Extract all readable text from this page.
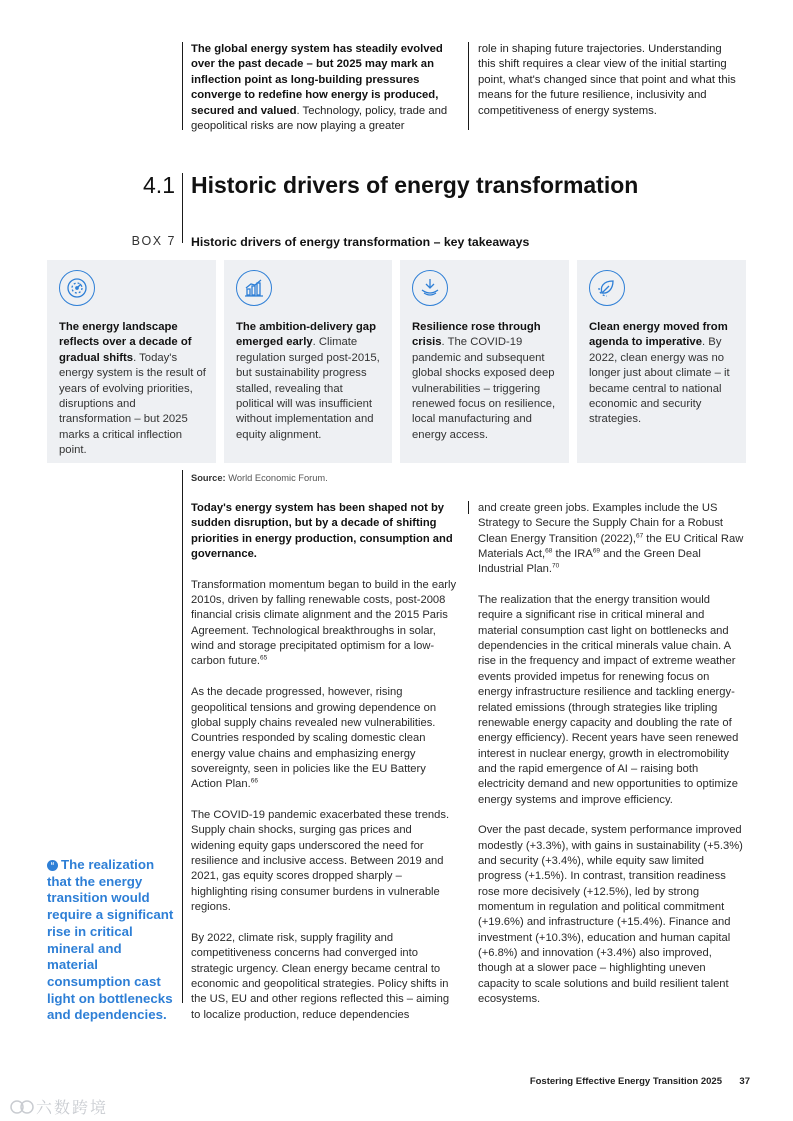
The global energy system has steadily evolved over the past decade – but 2025 may mark an inflection point as long-building pressures converge to redefine how energy is produced, secured and valued. Technology, policy, trade and geopolitical risks are now playing a greater
role in shaping future trajectories. Understanding this shift requires a clear view of the initial starting point, what's changed since that point and what this means for the future resilience, inclusivity and competitiveness of energy systems.
4.1 Historic drivers of energy transformation
BOX 7 Historic drivers of energy transformation – key takeaways
The energy landscape reflects over a decade of gradual shifts. Today's energy system is the result of years of evolving priorities, disruptions and transformation – but 2025 marks a critical inflection point.
The ambition-delivery gap emerged early. Climate regulation surged post-2015, but sustainability progress stalled, revealing that political will was insufficient without implementation and equity alignment.
Resilience rose through crisis. The COVID-19 pandemic and subsequent global shocks exposed deep vulnerabilities – triggering renewed focus on resilience, local manufacturing and energy access.
Clean energy moved from agenda to imperative. By 2022, clean energy was no longer just about climate – it became central to national economic and security strategies.
Source: World Economic Forum.

Today's energy system has been shaped not by sudden disruption, but by a decade of shifting priorities in energy production, consumption and governance.

Transformation momentum began to build in the early 2010s, driven by falling renewable costs, post-2008 financial crisis climate alignment and the 2015 Paris Agreement. Technological breakthroughs in solar, wind and storage precipitated optimism for a low-carbon future.$^{65}$

As the decade progressed, however, rising geopolitical tensions and growing dependence on global supply chains revealed new vulnerabilities. Countries responded by scaling domestic clean energy value chains and emphasizing energy sovereignty, seen in policies like the EU Battery Action Plan.$^{66}$

The COVID-19 pandemic exacerbated these trends. Supply chain shocks, surging gas prices and widening equity gaps underscored the need for resilience and inclusive access. Between 2019 and 2021, gas equity scores dropped sharply – highlighting rising consumer burdens in vulnerable regions.

By 2022, climate risk, supply fragility and competitiveness concerns had converged into strategic urgency. Clean energy became central to economic and geopolitical strategies. Policy shifts in the US, EU and other regions reflected this – aiming to localize production, reduce dependencies

and create green jobs. Examples include the US Strategy to Secure the Supply Chain for a Robust Clean Energy Transition (2022),$^{67}$ the EU Critical Raw Materials Act,$^{68}$ the IRA$^{69}$ and the Green Deal Industrial Plan.$^{70}$

The realization that the energy transition would require a significant rise in critical mineral and material consumption cast light on bottlenecks and dependencies in the critical minerals value chain. A rise in the frequency and impact of extreme weather events provided impetus for renewing focus on energy infrastructure resilience and tackling energy-related emissions (through strategies like tripling renewable energy capacity and doubling the rate of energy efficiency). Recent years have seen renewed interest in nuclear energy, growth in electromobility and the rapid emergence of AI – raising both electricity demand and new opportunities to optimize energy systems and improve efficiency.

Over the past decade, system performance improved modestly (+3.3%), with gains in sustainability (+5.3%) and security (+3.4%), while equity saw limited progress (+1.5%). In contrast, transition readiness rose more decisively (+12.5%), led by strong momentum in regulation and political commitment (+19.6%) and infrastructure (+15.4%). Finance and investment (+10.3%), education and human capital (+6.8%) and innovation (+3.4%) also improved, though at a slower pace – highlighting uneven capacity to scale solutions and build resilient talent ecosystems.

“ The realization that the energy transition would require a significant rise in critical mineral and material consumption cast light on bottlenecks and dependencies.
Fostering Effective Energy Transition 2025	37
六数跨境
